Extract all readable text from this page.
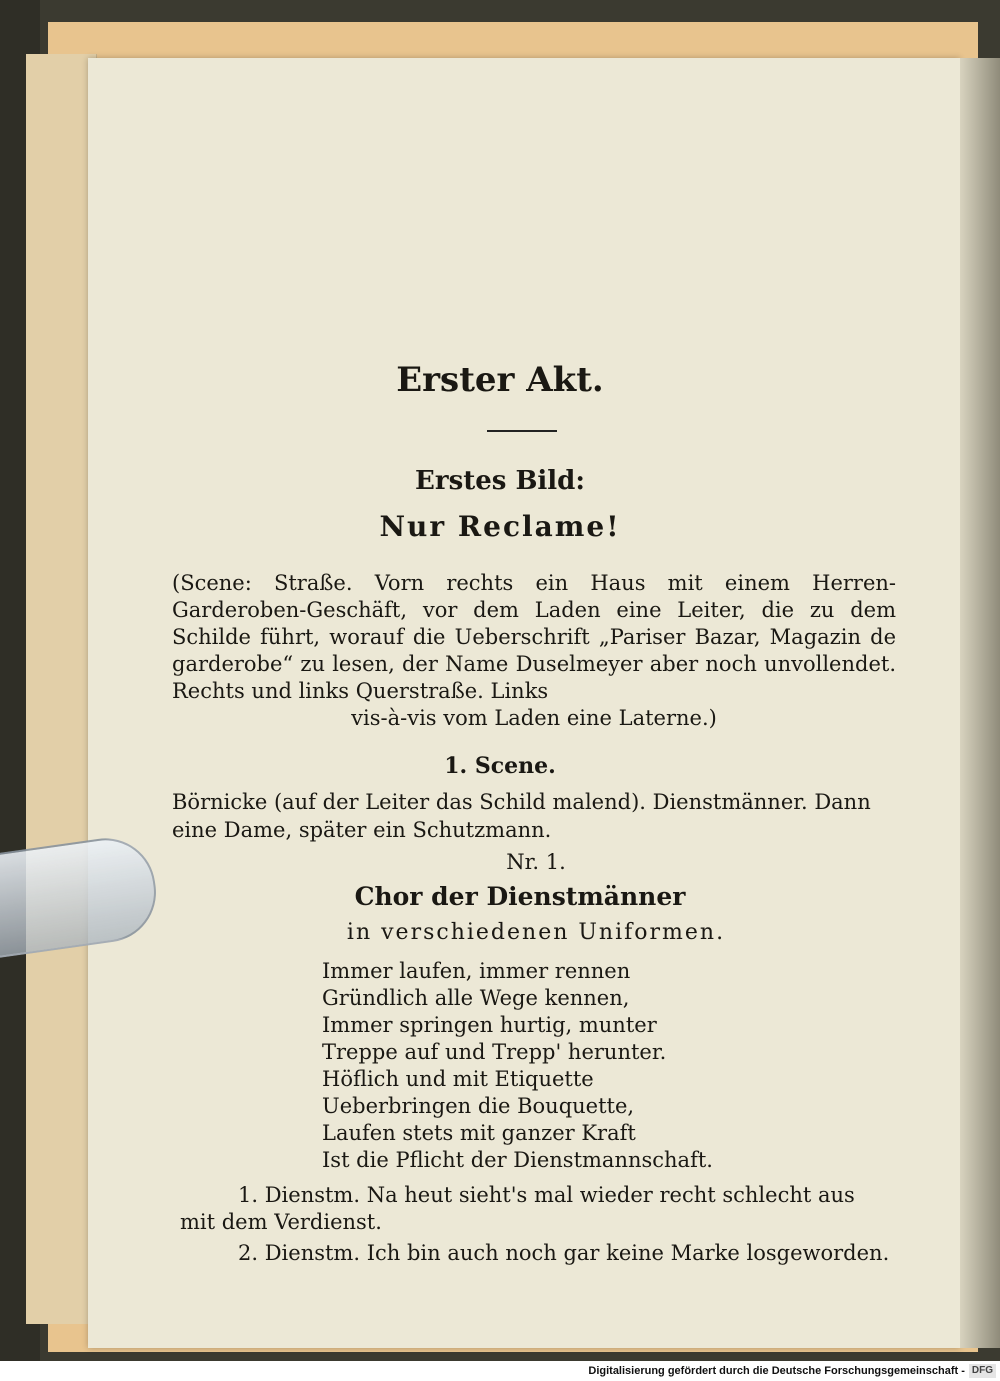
Erster Akt.
Erstes Bild:
Nur Reclame!
(Scene: Straße. Vorn rechts ein Haus mit einem Herren-Garderoben-Geschäft, vor dem Laden eine Leiter, die zu dem Schilde führt, worauf die Ueberschrift „Pariser Bazar, Magazin de garderobe“ zu lesen, der Name Duselmeyer aber noch unvollendet. Rechts und links Querstraße. Links
vis-à-vis vom Laden eine Laterne.)
1. Scene.
Börnicke (auf der Leiter das Schild malend). Dienstmänner. Dann eine Dame, später ein Schutzmann.
Nr. 1.
Chor der Dienstmänner
in verschiedenen Uniformen.
Immer laufen, immer rennen
Gründlich alle Wege kennen,
Immer springen hurtig, munter
Treppe auf und Trepp' herunter.
Höflich und mit Etiquette
Ueberbringen die Bouquette,
Laufen stets mit ganzer Kraft
Ist die Pflicht der Dienstmannschaft.

1. Dienstm. Na heut sieht's mal wieder recht schlecht aus mit dem Verdienst.

2. Dienstm. Ich bin auch noch gar keine Marke losgeworden.

Digitalisierung gefördert durch die Deutsche Forschungsgemeinschaft - DFG
